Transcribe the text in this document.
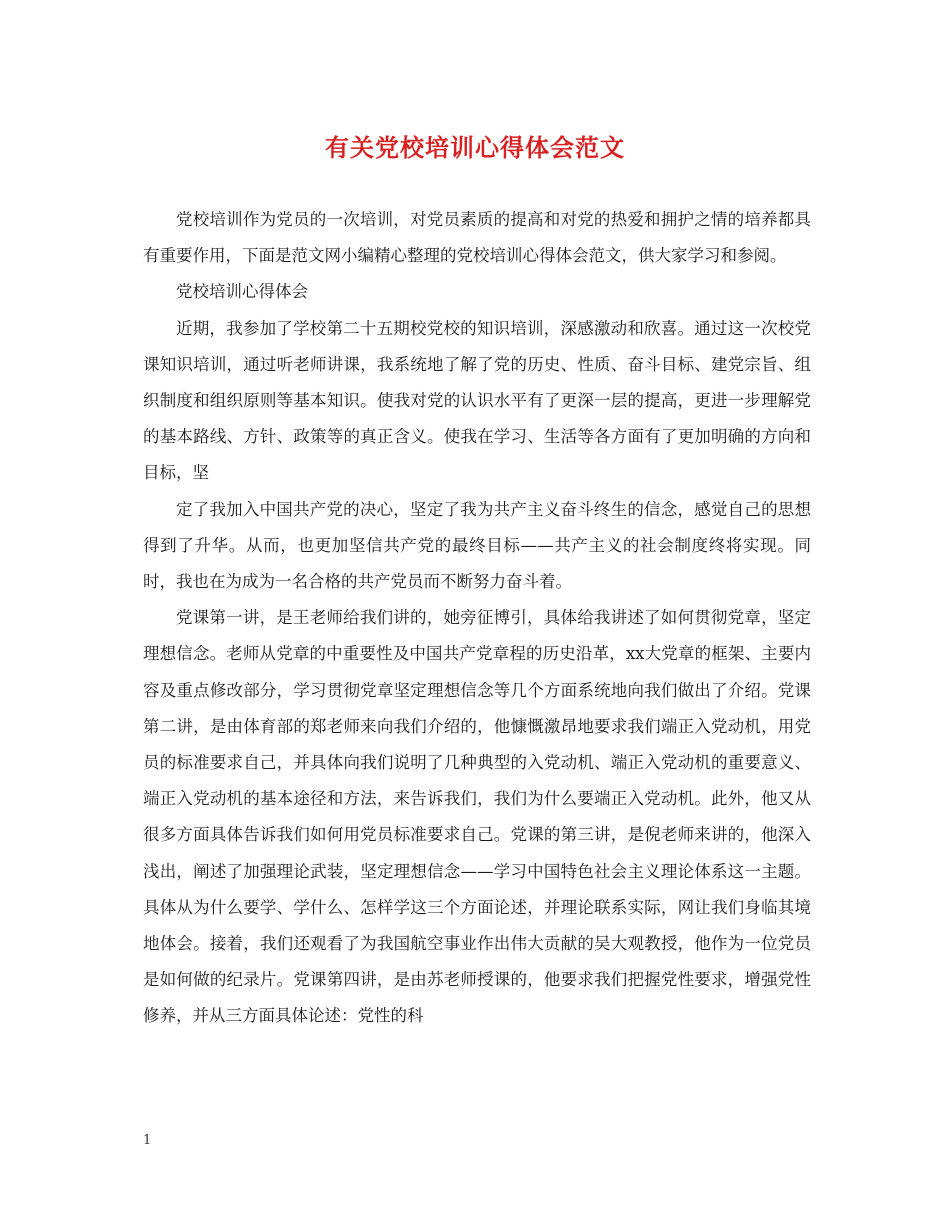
有关党校培训心得体会范文

党校培训作为党员的一次培训，对党员素质的提高和对党的热爱和拥护之情的培养都具有重要作用，下面是范文网小编精心整理的党校培训心得体会范文，供大家学习和参阅。

党校培训心得体会

近期，我参加了学校第二十五期校党校的知识培训，深感激动和欣喜。通过这一次校党课知识培训，通过听老师讲课，我系统地了解了党的历史、性质、奋斗目标、建党宗旨、组织制度和组织原则等基本知识。使我对党的认识水平有了更深一层的提高，更进一步理解党的基本路线、方针、政策等的真正含义。使我在学习、生活等各方面有了更加明确的方向和目标，坚

定了我加入中国共产党的决心，坚定了我为共产主义奋斗终生的信念，感觉自己的思想得到了升华。从而，也更加坚信共产党的最终目标——共产主义的社会制度终将实现。同时，我也在为成为一名合格的共产党员而不断努力奋斗着。

党课第一讲，是王老师给我们讲的，她旁征博引，具体给我讲述了如何贯彻党章，坚定理想信念。老师从党章的中重要性及中国共产党章程的历史沿革，xx大党章的框架、主要内容及重点修改部分，学习贯彻党章坚定理想信念等几个方面系统地向我们做出了介绍。党课第二讲，是由体育部的郑老师来向我们介绍的，他慷慨激昂地要求我们端正入党动机，用党员的标准要求自己，并具体向我们说明了几种典型的入党动机、端正入党动机的重要意义、端正入党动机的基本途径和方法，来告诉我们，我们为什么要端正入党动机。此外，他又从很多方面具体告诉我们如何用党员标准要求自己。党课的第三讲，是倪老师来讲的，他深入浅出，阐述了加强理论武装，坚定理想信念——学习中国特色社会主义理论体系这一主题。具体从为什么要学、学什么、怎样学这三个方面论述，并理论联系实际，网让我们身临其境地体会。接着，我们还观看了为我国航空事业作出伟大贡献的吴大观教授，他作为一位党员是如何做的纪录片。党课第四讲，是由苏老师授课的，他要求我们把握党性要求，增强党性修养，并从三方面具体论述：党性的科

1
